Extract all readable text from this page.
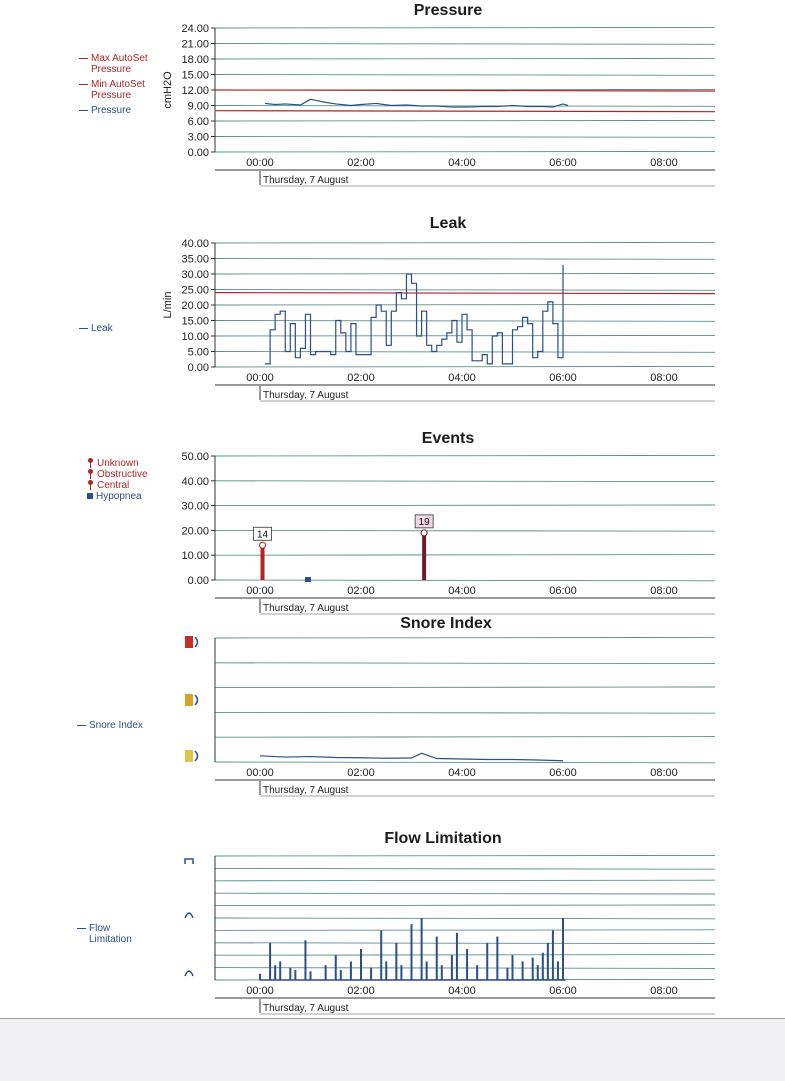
Pressure
Max AutoSet
Pressure
Min AutoSet
Pressure
Pressure
24.00
21.00
18.00
15.00
12.00
9.00
6.00
3.00
0.00
cmH2O
00:00	02:00	04:00	06:00	08:00
Thursday, 7 August
Leak
Leak
40.00
35.00
30.00
25.00
20.00
15.00
10.00
5.00
0.00
L/min
00:00	02:00	04:00	06:00	08:00
Thursday, 7 August
Events
Unknown
Obstructive
Central
Hypopnea
50.00
40.00
30.00
20.00
10.00
0.00
00:00	02:00	04:00	06:00	08:00
Thursday, 7 August
14
19
Snore Index
Snore Index
00:00	02:00	04:00	06:00	08:00
Thursday, 7 August
Flow Limitation
Flow
Limitation
00:00	02:00	04:00	06:00	08:00
Thursday, 7 August
